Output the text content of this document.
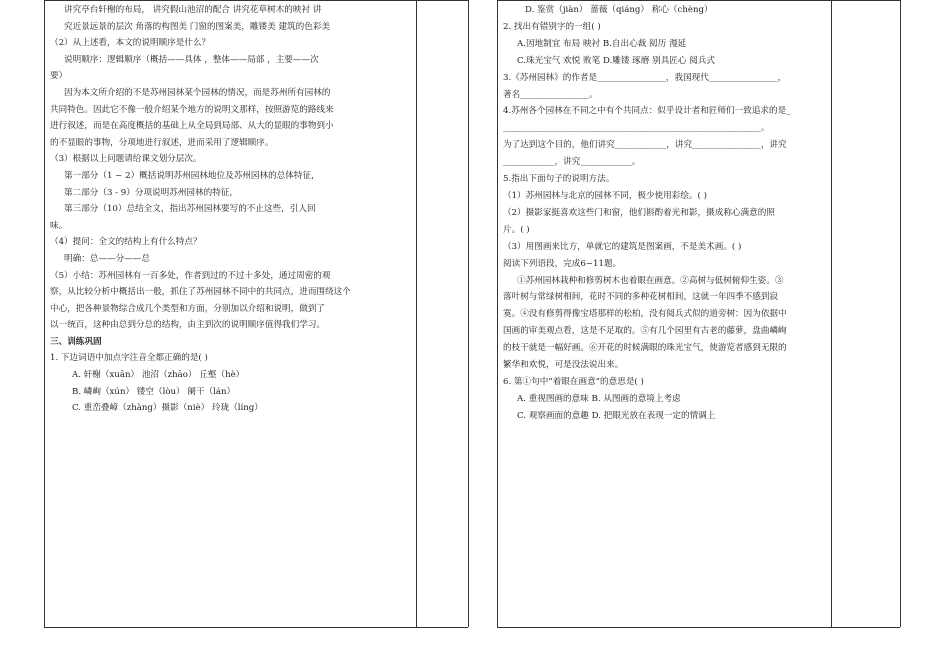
讲究亭台轩榭的布局， 讲究假山池沼的配合 讲究花草树木的映衬 讲
究近景远景的层次 角落的构图美 门窗的图案美，雕镂美 建筑的色彩美
（2）从上述看，本文的说明顺序是什么？
说明顺序：逻辑顺序（概括——具体 ，整体——局部 ，主要——次
要）
因为本文所介绍的不是苏州园林某个园林的情况，而是苏州所有园林的
共同特色。因此它不像一般介绍某个地方的说明文那样，按照游览的路线来
进行叙述，而是在高度概括的基础上从全局到局部、从大的显眼的事物到小
的不显眼的事物，分项地进行叙述，进而采用了逻辑顺序。
（3）根据以上问题请给课文划分层次。
第一部分（1 ~ 2）概括说明苏州园林地位及苏州园林的总体特征，
第二部分（3 - 9）分项说明苏州园林的特征，
第三部分（10）总结全文，指出苏州园林要写的不止这些，引人回
味。
（4）提问：全文的结构上有什么特点？
明确：总——分——总
（5）小结：苏州园林有一百多处，作者到过的不过十多处，通过周密的观
察，从比较分析中概括出一般，抓住了苏州园林不同中的共同点，进而围绕这个
中心，把各种景物综合成几个类型和方面，分别加以介绍和说明，做到了
以一统百，这种由总到分总的结构，由主到次的说明顺序值得我们学习。
三、训练巩固
1. 下边词语中加点字注音全都正确的是( )
A. 轩榭（xuān） 池沼（zhāo） 丘壑（hè）
B. 嶙峋（xún） 镂空（lòu） 阑干（lán）
C. 重峦叠嶂（zhàng）摄影（niè） 玲珑（líng）
D. 鉴赏（jiàn） 蔷薇（qiáng） 称心（chèng）
2. 找出有错别字的一组( )
A.因地制宜 布局 映衬 B.自出心裁 阅历 漫延
C.珠光宝气 欢悦 败笔 D.雕镂 琢磨 别具匠心 阅兵式
3.《苏州园林》的作者是________________，我国现代________________，
著名________________。
4.苏州各个园林在不同之中有个共同点：似乎设计者和匠师们一致追求的是_
____________________________________________________________。
为了达到这个目的，他们讲究____________，讲究________________，讲究
____________，讲究____________。
5.指出下面句子的说明方法。
（1）苏州园林与北京的园林不同，极少使用彩绘。( )
（2）摄影家挺喜欢这些门和窗，他们斟酌着光和影，摄成称心满意的照
片。( )
（3）用图画来比方，单就它的建筑是图案画，不是美术画。( )
阅读下列语段，完成6~11题。
①苏州园林栽种和修剪树木也着眼在画意。②高树与低树俯仰生姿。③
落叶树与常绿树相间，花时不同的多种花树相间，这就一年四季不感到寂
寞。④没有修剪得像宝塔那样的松柏，没有阅兵式似的道旁树：因为依据中
国画的审美观点看，这是不足取的。⑤有几个园里有古老的藤萝，盘曲嶙峋
的枝干就是一幅好画。⑥开花的时候满眼的珠光宝气，使游览者感到无限的
繁华和欢悦，可是没法说出来。
6. 第①句中“着眼在画意”的意思是( )
A. 重视图画的意味 B. 从图画的意境上考虑
C. 观察画面的意趣 D. 把眼光放在表现一定的情调上
